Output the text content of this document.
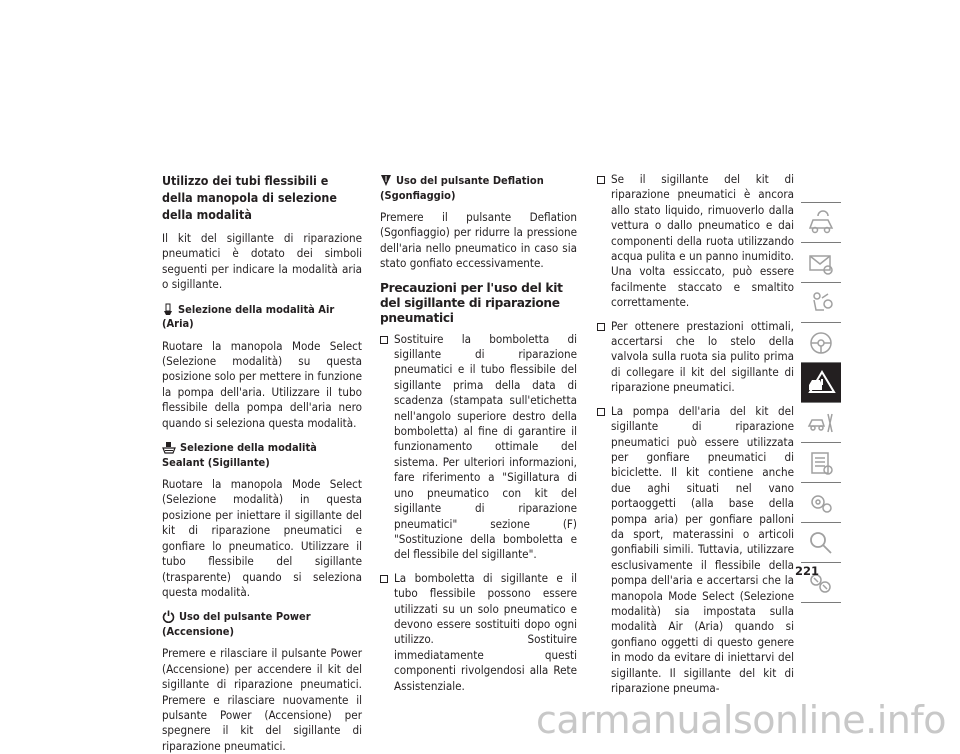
Utilizzo dei tubi flessibili e della manopola di selezione della modalità

Il kit del sigillante di riparazione pneumatici è dotato dei simboli seguenti per indicare la modalità aria o sigillante.

Selezione della modalità Air (Aria)

Ruotare la manopola Mode Select (Selezione modalità) su questa posizione solo per mettere in funzione la pompa dell'aria. Utilizzare il tubo flessibile della pompa dell'aria nero quando si seleziona questa modalità.

Selezione della modalità Sealant (Sigillante)

Ruotare la manopola Mode Select (Selezione modalità) in questa posizione per iniettare il sigillante del kit di riparazione pneumatici e gonfiare lo pneumatico. Utilizzare il tubo flessibile del sigillante (trasparente) quando si seleziona questa modalità.

Uso del pulsante Power (Accensione)

Premere e rilasciare il pulsante Power (Accensione) per accendere il kit del sigillante di riparazione pneumatici. Premere e rilasciare nuovamente il pulsante Power (Accensione) per spegnere il kit del sigillante di riparazione pneumatici.

Uso del pulsante Deflation (Sgonfiaggio)

Premere il pulsante Deflation (Sgonfiaggio) per ridurre la pressione dell'aria nello pneumatico in caso sia stato gonfiato eccessivamente.

Precauzioni per l'uso del kit del sigillante di riparazione pneumatici
Sostituire la bomboletta di sigillante di riparazione pneumatici e il tubo flessibile del sigillante prima della data di scadenza (stampata sull'etichetta nell'angolo superiore destro della bomboletta) al fine di garantire il funzionamento ottimale del sistema. Per ulteriori informazioni, fare riferimento a "Sigillatura di uno pneumatico con kit del sigillante di riparazione pneumatici" sezione (F) "Sostituzione della bomboletta e del flessibile del sigillante".
La bomboletta di sigillante e il tubo flessibile possono essere utilizzati su un solo pneumatico e devono essere sostituiti dopo ogni utilizzo. Sostituire immediatamente questi componenti rivolgendosi alla Rete Assistenziale.
Se il sigillante del kit di riparazione pneumatici è ancora allo stato liquido, rimuoverlo dalla vettura o dallo pneumatico e dai componenti della ruota utilizzando acqua pulita e un panno inumidito. Una volta essiccato, può essere facilmente staccato e smaltito correttamente.
Per ottenere prestazioni ottimali, accertarsi che lo stelo della valvola sulla ruota sia pulito prima di collegare il kit del sigillante di riparazione pneumatici.
La pompa dell'aria del kit del sigillante di riparazione pneumatici può essere utilizzata per gonfiare pneumatici di biciclette. Il kit contiene anche due aghi situati nel vano portaoggetti (alla base della pompa aria) per gonfiare palloni da sport, materassini o articoli gonfiabili simili. Tuttavia, utilizzare esclusivamente il flessibile della pompa dell'aria e accertarsi che la manopola Mode Select (Selezione modalità) sia impostata sulla modalità Air (Aria) quando si gonfiano oggetti di questo genere in modo da evitare di iniettarvi del sigillante. Il sigillante del kit di riparazione pneuma-
221
carmanualsonline.info
